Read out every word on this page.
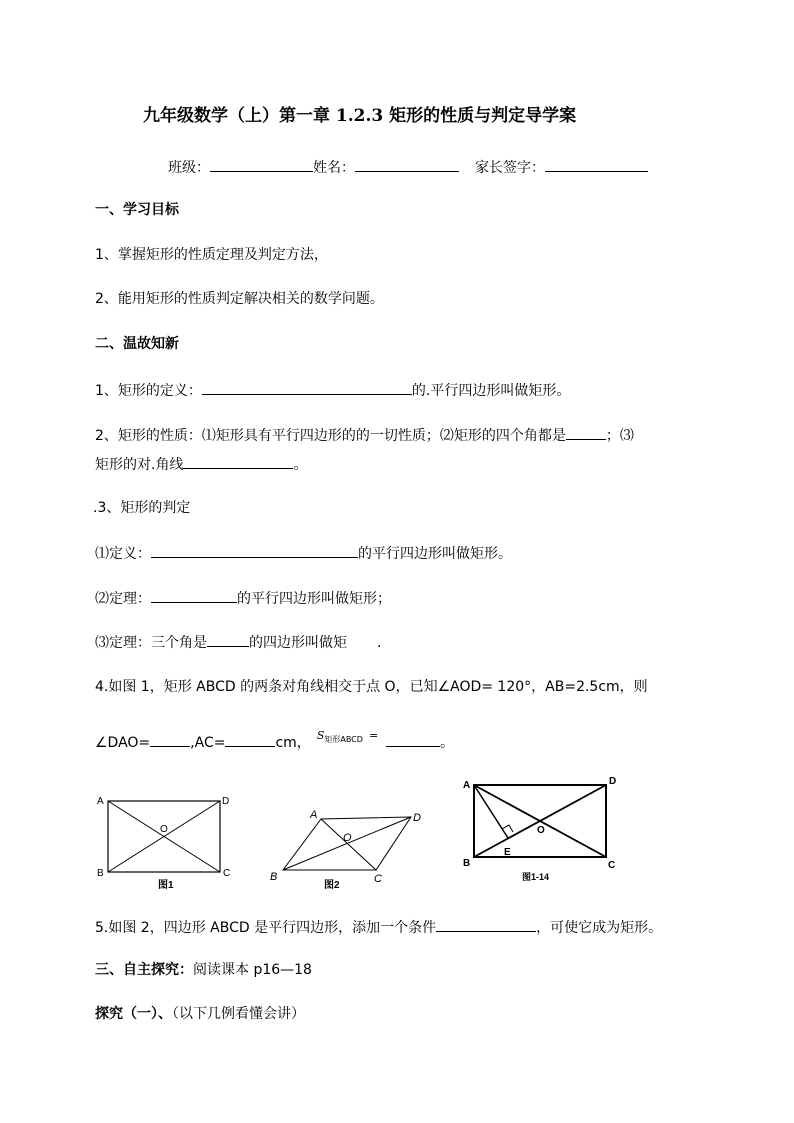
九年级数学（上）第一章 1.2.3 矩形的性质与判定导学案
班级：	姓名：	家长签字：
一、学习目标
1、掌握矩形的性质定理及判定方法，
2、能用矩形的性质判定解决相关的数学问题。
二、温故知新
1、矩形的定义：	的.平行四边形叫做矩形。
2、矩形的性质：⑴矩形具有平行四边形的的一切性质；⑵矩形的四个角都是	；⑶
矩形的对.角线	。
.3、矩形的判定
⑴定义：	的平行四边形叫做矩形。
⑵定理：	的平行四边形叫做矩形；
⑶定理：三个角是	的四边形叫做矩 .
4.如图 1，矩形 ABCD 的两条对角线相交于点 O，已知∠AOD= 120°，AB=2.5cm，则
∠DAO=	,AC=	cm， $S_{矩形ABCD}$ =	。
A	D
B	C
O
图1
A	D
B	C
O
图2
A	D
B	C
O
E
图1-14
5.如图 2，四边形 ABCD 是平行四边形，添加一个条件	，可使它成为矩形。
三、自主探究：阅读课本 p16—18
探究（一）、（以下几例看懂会讲）
